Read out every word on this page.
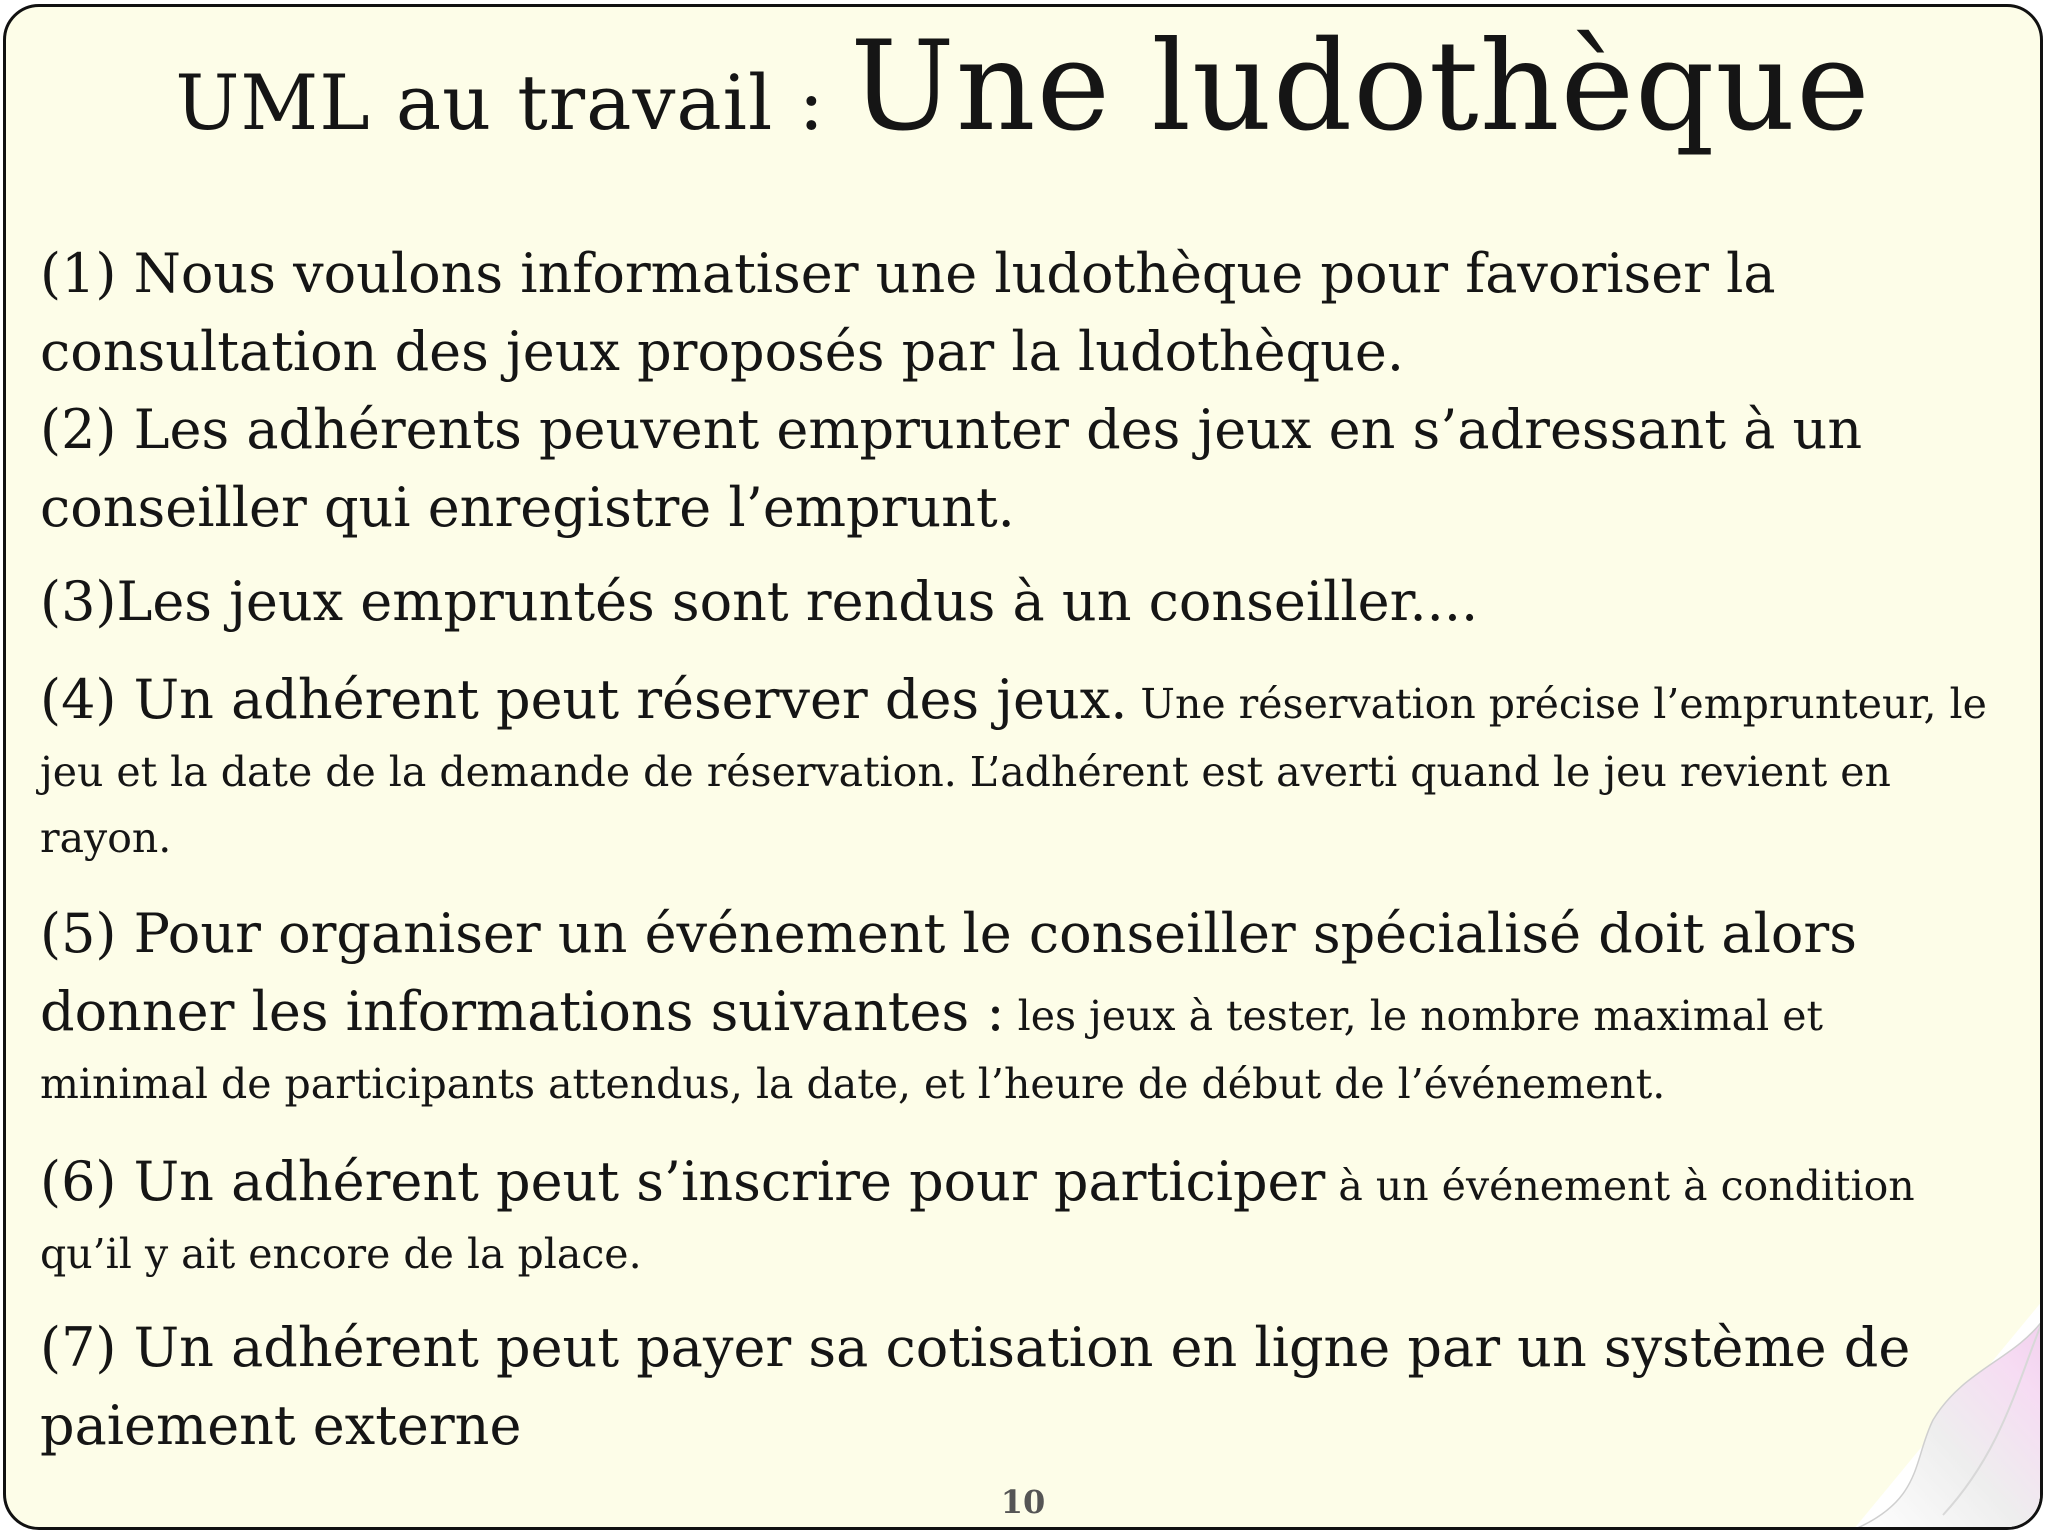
UML au travail : Une ludothèque

(1) Nous voulons informatiser une ludothèque pour favoriser la consultation des jeux proposés par la ludothèque.

(2) Les adhérents peuvent emprunter des jeux en s’adressant à un conseiller qui enregistre l’emprunt.

(3)Les jeux empruntés sont rendus à un conseiller....

(4) Un adhérent peut réserver des jeux. Une réservation précise l’emprunteur, le jeu et la date de la demande de réservation. L’adhérent est averti quand le jeu revient en rayon.

(5) Pour organiser un événement le conseiller spécialisé doit alors donner les informations suivantes : les jeux à tester, le nombre maximal et minimal de participants attendus, la date, et l’heure de début de l’événement.

(6) Un adhérent peut s’inscrire pour participer à un événement à condition qu’il y ait encore de la place.

(7) Un adhérent peut payer sa cotisation en ligne par un système de paiement externe

10
